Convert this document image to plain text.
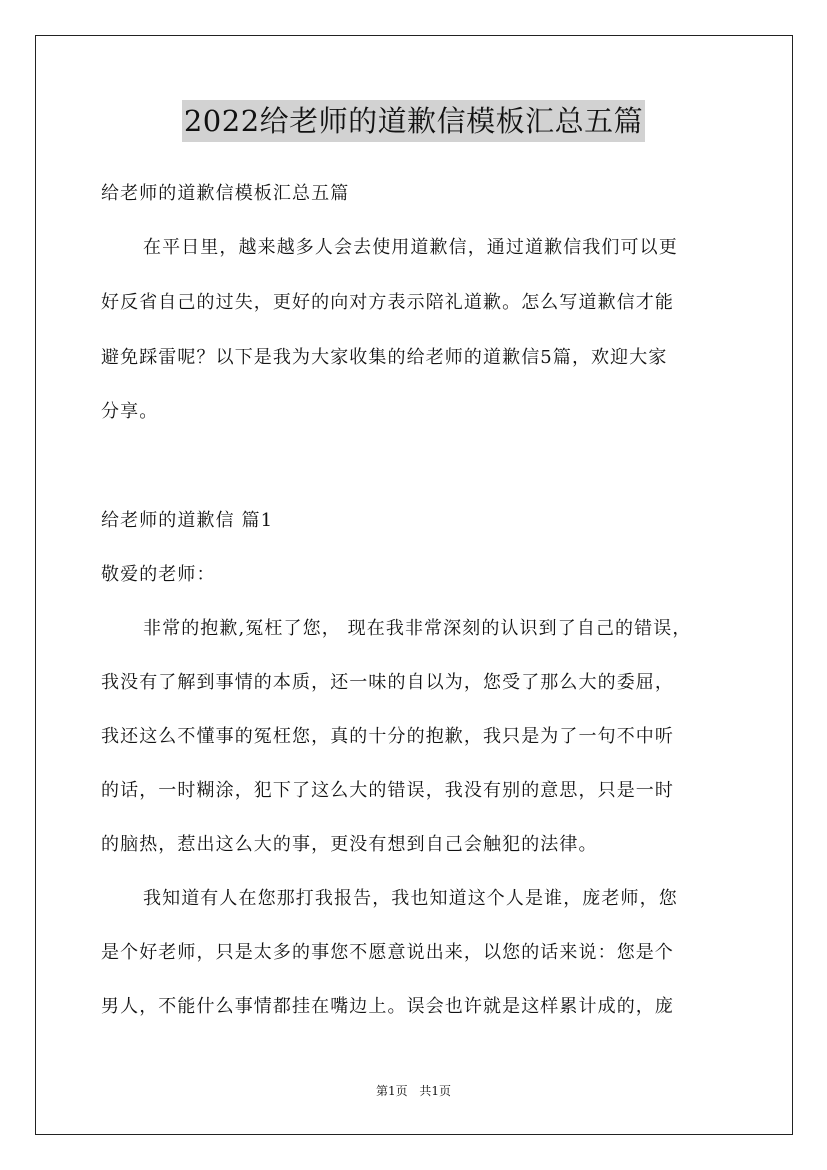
2022给老师的道歉信模板汇总五篇
给老师的道歉信模板汇总五篇
在平日里，越来越多人会去使用道歉信，通过道歉信我们可以更
好反省自己的过失，更好的向对方表示陪礼道歉。怎么写道歉信才能
避免踩雷呢？以下是我为大家收集的给老师的道歉信5篇，欢迎大家
分享。
给老师的道歉信 篇1
敬爱的老师：
非常的抱歉,冤枉了您， 现在我非常深刻的认识到了自己的错误，
我没有了解到事情的本质，还一味的自以为，您受了那么大的委屈，
我还这么不懂事的冤枉您，真的十分的抱歉，我只是为了一句不中听
的话，一时糊涂，犯下了这么大的错误，我没有别的意思，只是一时
的脑热，惹出这么大的事，更没有想到自己会触犯的法律。
我知道有人在您那打我报告，我也知道这个人是谁，庞老师，您
是个好老师，只是太多的事您不愿意说出来，以您的话来说：您是个
男人，不能什么事情都挂在嘴边上。误会也许就是这样累计成的，庞
第1页 共1页
